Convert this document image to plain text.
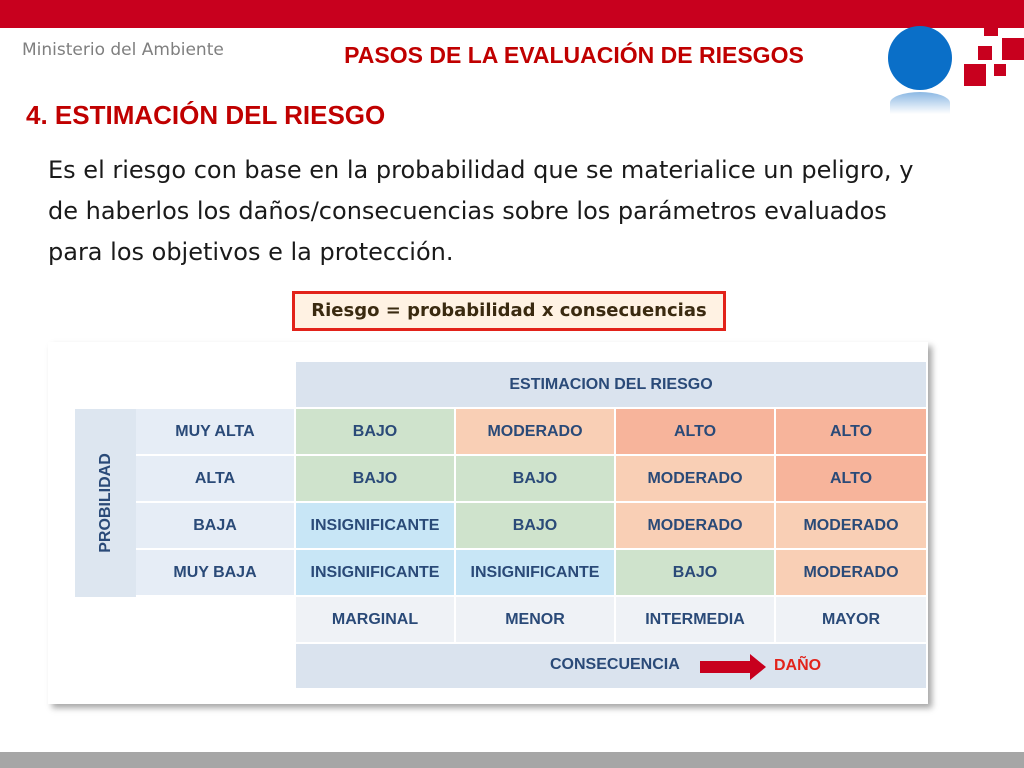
Ministerio del Ambiente	PASOS DE LA EVALUACIÓN DE RIESGOS
4. ESTIMACIÓN DEL RIESGO

Es el riesgo con base en la probabilidad que se materialice un peligro, y de haberlos los daños/consecuencias sobre los parámetros evaluados para los objetivos e la protección.

Riesgo = probabilidad x consecuencias
ESTIMACION DEL RIESGO
PROBILIDAD
MUY ALTA	BAJO	MODERADO	ALTO	ALTO
ALTA	BAJO	BAJO	MODERADO	ALTO
BAJA	INSIGNIFICANTE	BAJO	MODERADO	MODERADO
MUY BAJA	INSIGNIFICANTE	INSIGNIFICANTE	BAJO	MODERADO
MARGINAL	MENOR	INTERMEDIA	MAYOR
CONSECUENCIA	DAÑO
